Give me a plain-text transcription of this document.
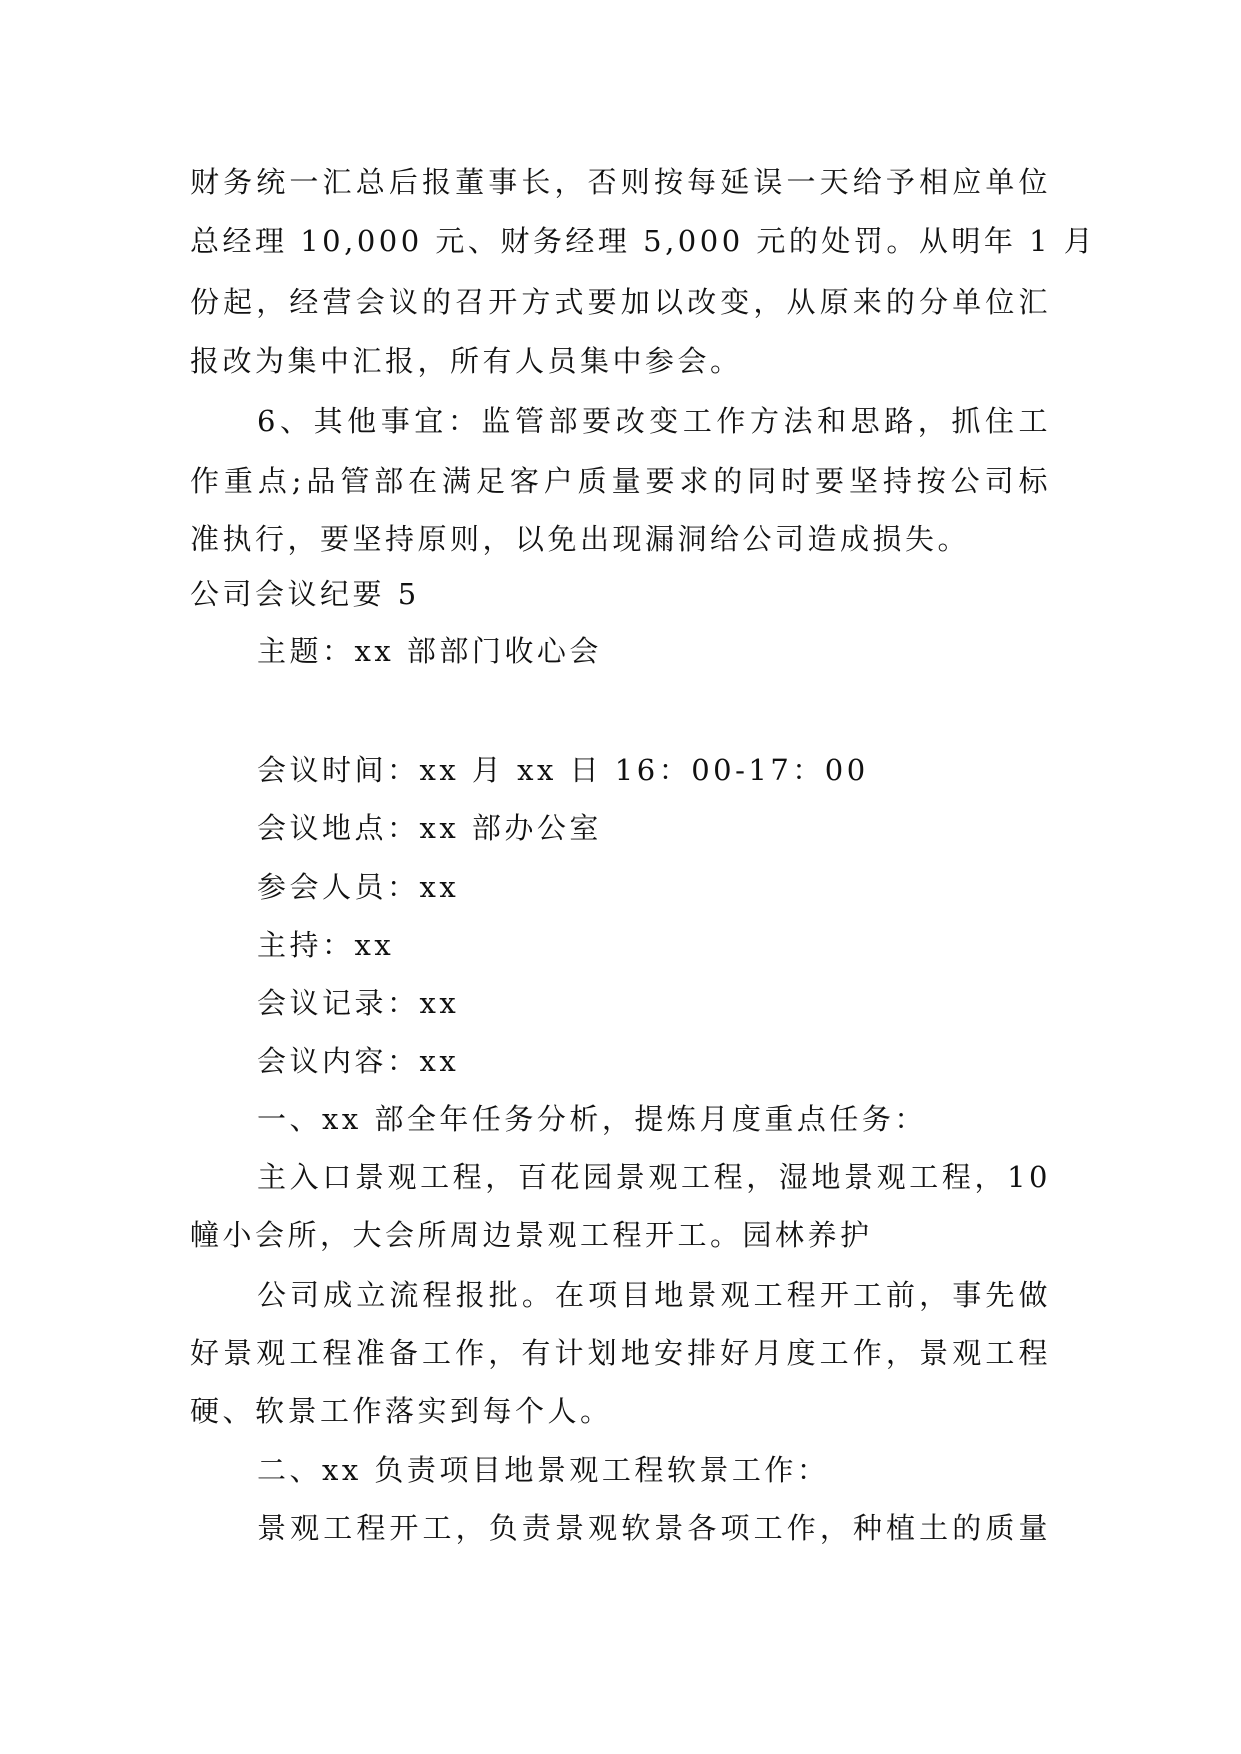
财务统一汇总后报董事长，否则按每延误一天给予相应单位
总经理 10,000 元、财务经理 5,000 元的处罚。从明年 1 月
份起，经营会议的召开方式要加以改变，从原来的分单位汇
报改为集中汇报，所有人员集中参会。
6、其他事宜：监管部要改变工作方法和思路，抓住工
作重点;品管部在满足客户质量要求的同时要坚持按公司标
准执行，要坚持原则，以免出现漏洞给公司造成损失。
公司会议纪要 5
主题：xx 部部门收心会
会议时间：xx 月 xx 日 16：00-17：00
会议地点：xx 部办公室
参会人员：xx
主持：xx
会议记录：xx
会议内容：xx
一、xx 部全年任务分析，提炼月度重点任务：
主入口景观工程，百花园景观工程，湿地景观工程，10
幢小会所，大会所周边景观工程开工。园林养护
公司成立流程报批。在项目地景观工程开工前，事先做
好景观工程准备工作，有计划地安排好月度工作，景观工程
硬、软景工作落实到每个人。
二、xx 负责项目地景观工程软景工作：
景观工程开工，负责景观软景各项工作，种植土的质量
